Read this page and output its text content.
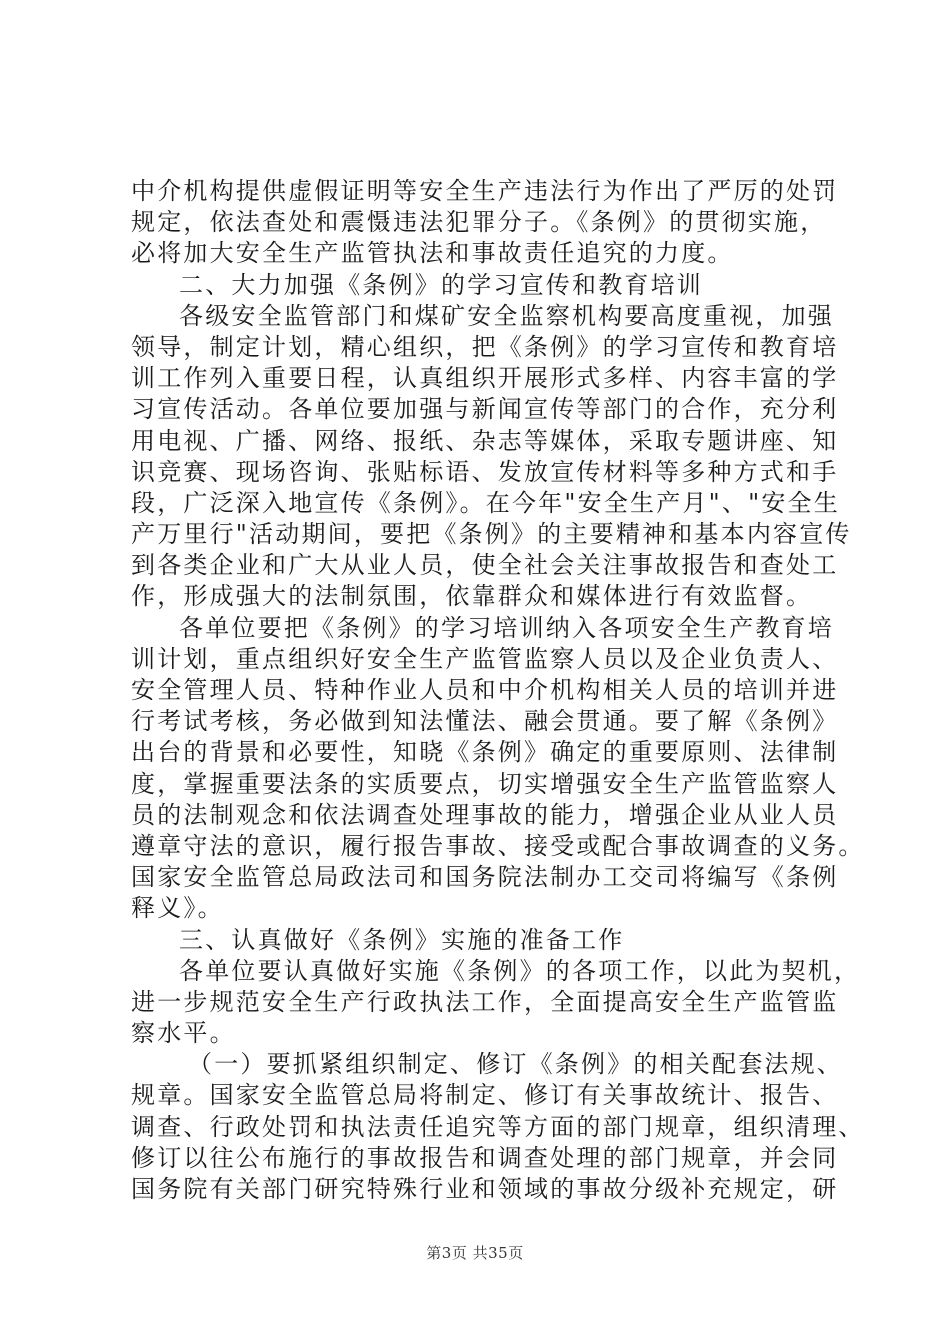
中介机构提供虚假证明等安全生产违法行为作出了严厉的处罚
规定，依法查处和震慑违法犯罪分子。《条例》的贯彻实施，
必将加大安全生产监管执法和事故责任追究的力度。
二、大力加强《条例》的学习宣传和教育培训
各级安全监管部门和煤矿安全监察机构要高度重视，加强
领导，制定计划，精心组织，把《条例》的学习宣传和教育培
训工作列入重要日程，认真组织开展形式多样、内容丰富的学
习宣传活动。各单位要加强与新闻宣传等部门的合作，充分利
用电视、广播、网络、报纸、杂志等媒体，采取专题讲座、知
识竞赛、现场咨询、张贴标语、发放宣传材料等多种方式和手
段，广泛深入地宣传《条例》。在今年"安全生产月"、"安全生
产万里行"活动期间，要把《条例》的主要精神和基本内容宣传
到各类企业和广大从业人员，使全社会关注事故报告和查处工
作，形成强大的法制氛围，依靠群众和媒体进行有效监督。
各单位要把《条例》的学习培训纳入各项安全生产教育培
训计划，重点组织好安全生产监管监察人员以及企业负责人、
安全管理人员、特种作业人员和中介机构相关人员的培训并进
行考试考核，务必做到知法懂法、融会贯通。要了解《条例》
出台的背景和必要性，知晓《条例》确定的重要原则、法律制
度，掌握重要法条的实质要点，切实增强安全生产监管监察人
员的法制观念和依法调查处理事故的能力，增强企业从业人员
遵章守法的意识，履行报告事故、接受或配合事故调查的义务。
国家安全监管总局政法司和国务院法制办工交司将编写《条例
释义》。
三、认真做好《条例》实施的准备工作
各单位要认真做好实施《条例》的各项工作，以此为契机，
进一步规范安全生产行政执法工作，全面提高安全生产监管监
察水平。
（一）要抓紧组织制定、修订《条例》的相关配套法规、
规章。国家安全监管总局将制定、修订有关事故统计、报告、
调查、行政处罚和执法责任追究等方面的部门规章，组织清理、
修订以往公布施行的事故报告和调查处理的部门规章，并会同
国务院有关部门研究特殊行业和领域的事故分级补充规定，研
第3页 共35页
